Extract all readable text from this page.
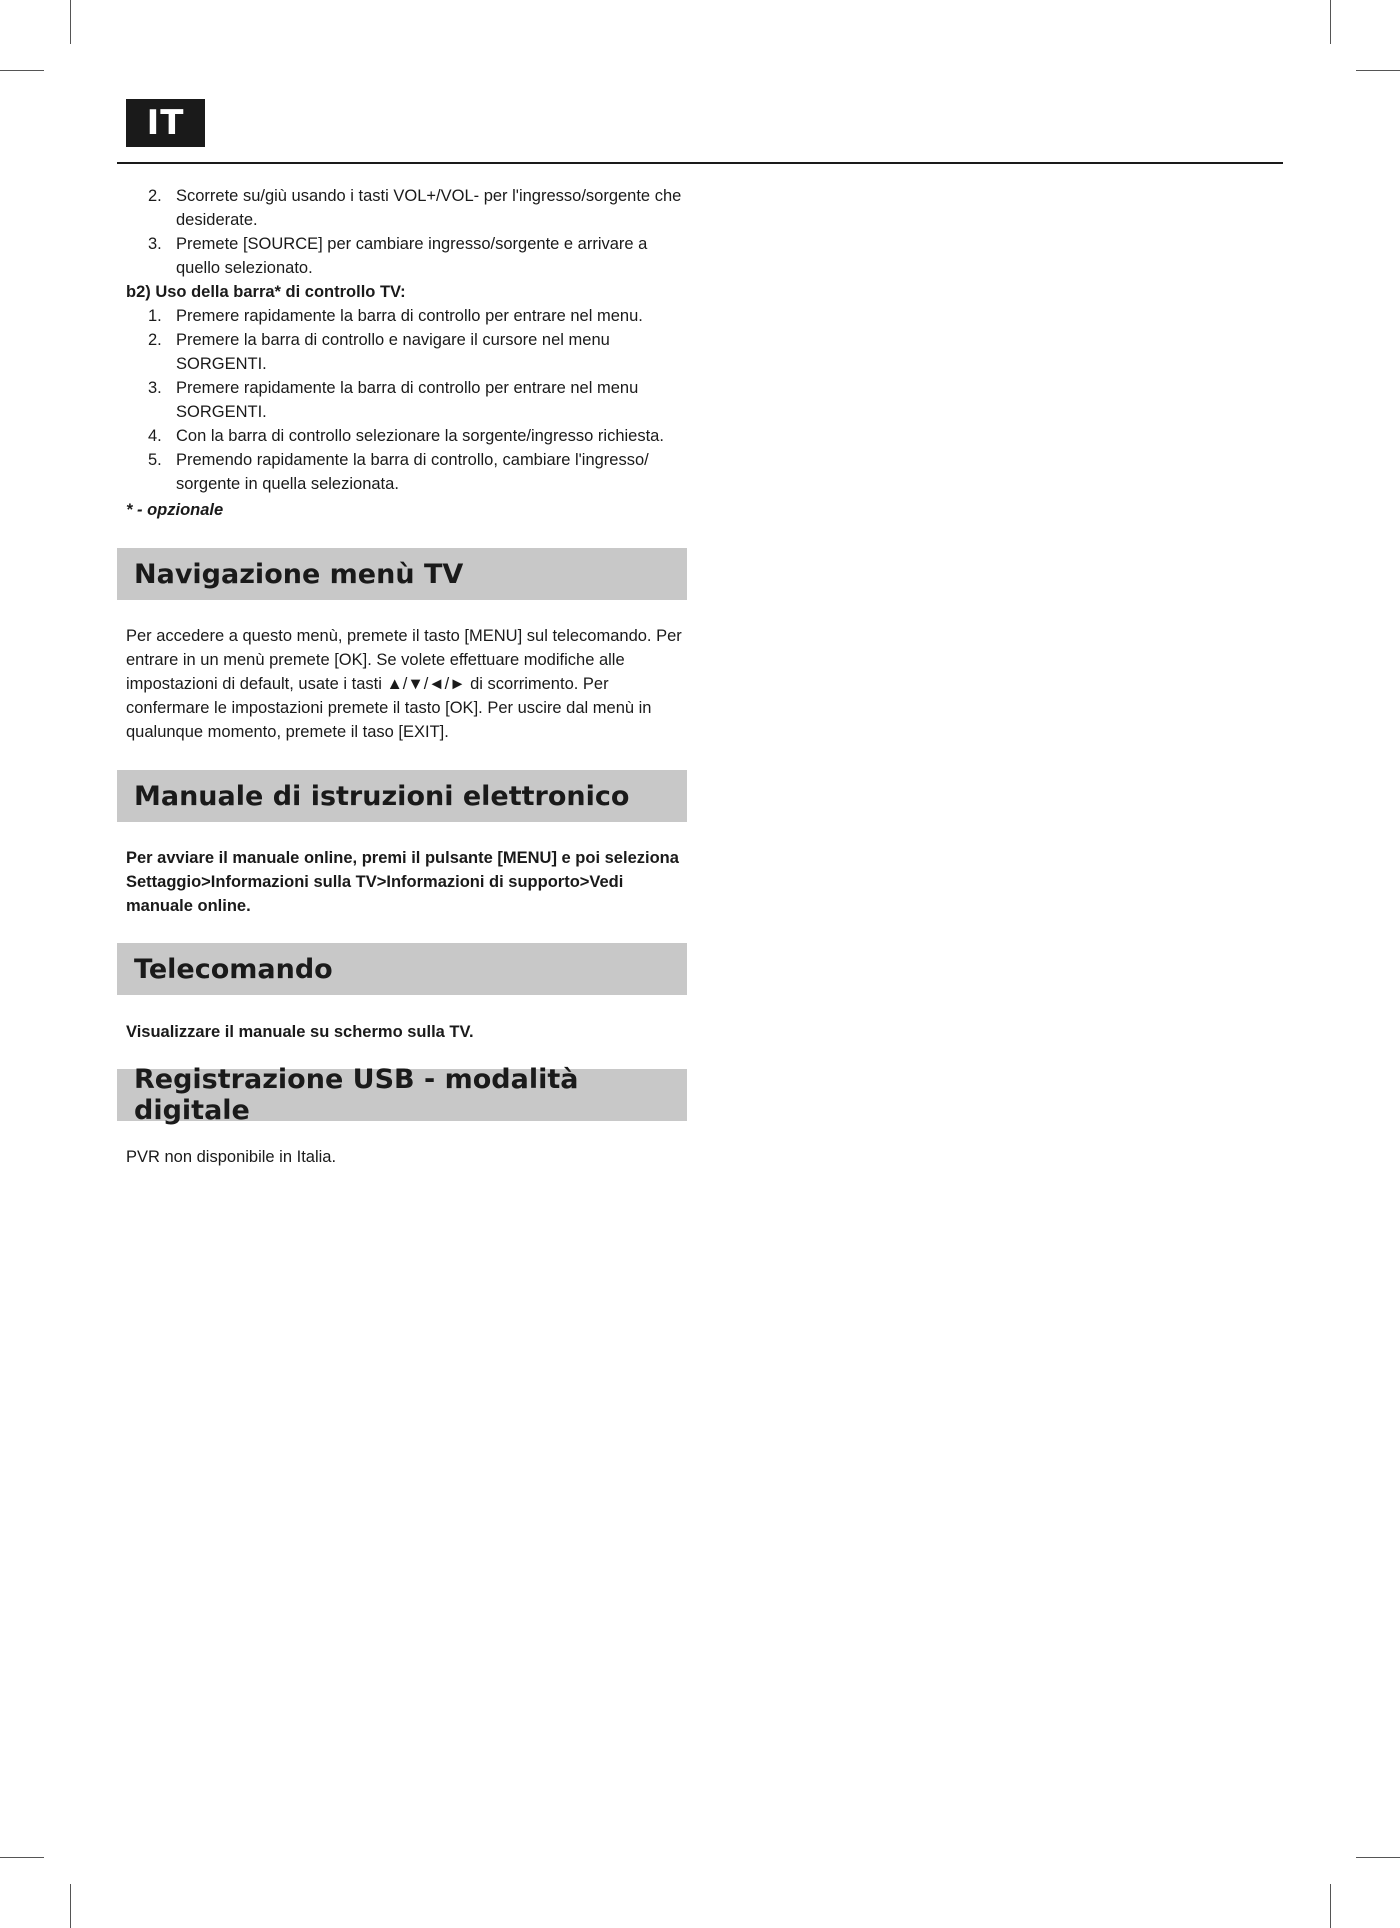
IT
2. Scorrete su/giù usando i tasti VOL+/VOL- per l'ingresso/sorgente che desiderate.
3. Premete [SOURCE] per cambiare ingresso/sorgente e arrivare a quello selezionato.
b2) Uso della barra* di controllo TV:
1. Premere rapidamente la barra di controllo per entrare nel menu.
2. Premere la barra di controllo e navigare il cursore nel menu SORGENTI.
3. Premere rapidamente la barra di controllo per entrare nel menu SORGENTI.
4. Con la barra di controllo selezionare la sorgente/ingresso richiesta.
5. Premendo rapidamente la barra di controllo, cambiare l'ingresso/ sorgente in quella selezionata.
* - opzionale
Navigazione menù TV
Per accedere a questo menù, premete il tasto [MENU] sul telecomando. Per entrare in un menù premete [OK]. Se volete effettuare modifiche alle impostazioni di default, usate i tasti ▲/▼/◄/► di scorrimento. Per confermare le impostazioni premete il tasto [OK]. Per uscire dal menù in qualunque momento, premete il taso [EXIT].
Manuale di istruzioni elettronico
Per avviare il manuale online, premi il pulsante [MENU] e poi seleziona Settaggio>Informazioni sulla TV>Informazioni di supporto>Vedi manuale online.
Telecomando
Visualizzare il manuale su schermo sulla TV.
Registrazione USB - modalità digitale
PVR non disponibile in Italia.
